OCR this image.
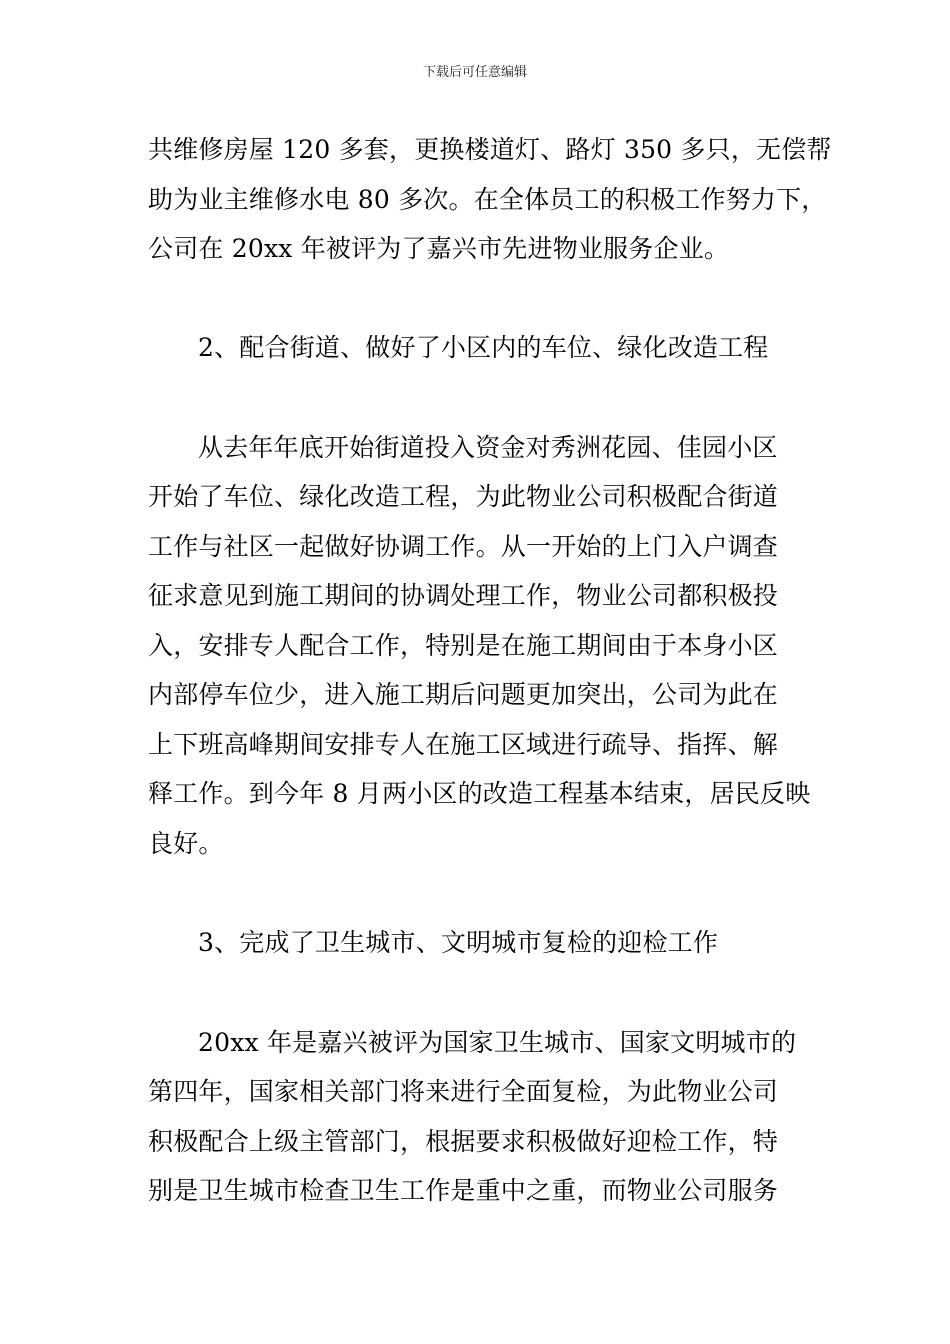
下载后可任意编辑
共维修房屋 120 多套，更换楼道灯、路灯 350 多只，无偿帮
助为业主维修水电 80 多次。在全体员工的积极工作努力下，
公司在 20xx 年被评为了嘉兴市先进物业服务企业。
2、配合街道、做好了小区内的车位、绿化改造工程
从去年年底开始街道投入资金对秀洲花园、佳园小区
开始了车位、绿化改造工程，为此物业公司积极配合街道
工作与社区一起做好协调工作。从一开始的上门入户调查
征求意见到施工期间的协调处理工作，物业公司都积极投
入，安排专人配合工作，特别是在施工期间由于本身小区
内部停车位少，进入施工期后问题更加突出，公司为此在
上下班高峰期间安排专人在施工区域进行疏导、指挥、解
释工作。到今年 8 月两小区的改造工程基本结束，居民反映
良好。
3、完成了卫生城市、文明城市复检的迎检工作
20xx 年是嘉兴被评为国家卫生城市、国家文明城市的
第四年，国家相关部门将来进行全面复检，为此物业公司
积极配合上级主管部门，根据要求积极做好迎检工作，特
别是卫生城市检查卫生工作是重中之重，而物业公司服务
